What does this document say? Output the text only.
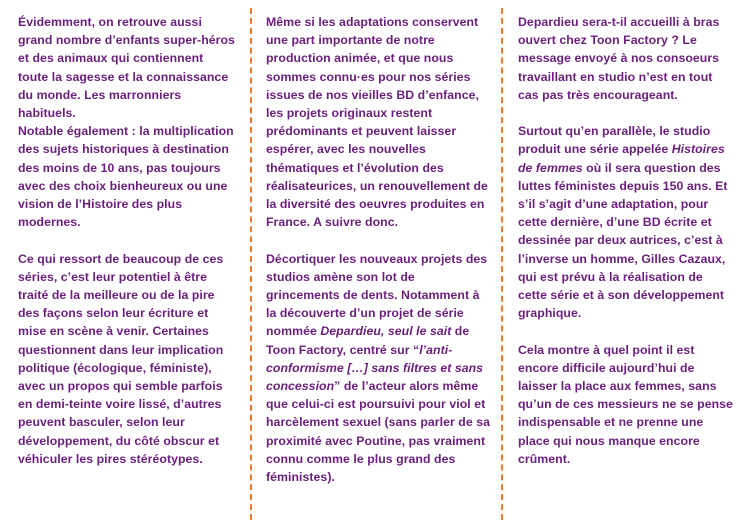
Évidemment, on retrouve aussi grand nombre d’enfants super-héros et des animaux qui contiennent toute la sagesse et la connaissance du monde. Les marronniers habituels.
Notable également : la multiplication des sujets historiques à destination des moins de 10 ans, pas toujours avec des choix bienheureux ou une vision de l’Histoire des plus modernes.

Ce qui ressort de beaucoup de ces séries, c’est leur potentiel à être traité de la meilleure ou de la pire des façons selon leur écriture et mise en scène à venir. Certaines questionnent dans leur implication politique (écologique, féministe), avec un propos qui semble parfois en demi-teinte voire lissé, d’autres peuvent basculer, selon leur développement, du côté obscur et véhiculer les pires stéréotypes.

Même si les adaptations conservent une part importante de notre production animée, et que nous sommes connu·es pour nos séries issues de nos vieilles BD d’enfance, les projets originaux restent prédominants et peuvent laisser espérer, avec les nouvelles thématiques et l’évolution des réalisateurices, un renouvellement de la diversité des oeuvres produites en France. A suivre donc.

Décortiquer les nouveaux projets des studios amène son lot de grincements de dents. Notamment à la découverte d’un projet de série nommée Depardieu, seul le sait de Toon Factory, centré sur “l’anti-conformisme […] sans filtres et sans concession” de l’acteur alors même que celui-ci est poursuivi pour viol et harcèlement sexuel (sans parler de sa proximité avec Poutine, pas vraiment connu comme le plus grand des féministes).

Depardieu sera-t-il accueilli à bras ouvert chez Toon Factory ? Le message envoyé à nos consoeurs travaillant en studio n’est en tout cas pas très encourageant.

Surtout qu’en parallèle, le studio produit une série appelée Histoires de femmes où il sera question des luttes féministes depuis 150 ans. Et s’il s’agit d’une adaptation, pour cette dernière, d’une BD écrite et dessinée par deux autrices, c’est à l’inverse un homme, Gilles Cazaux, qui est prévu à la réalisation de cette série et à son développement graphique.

Cela montre à quel point il est encore difficile aujourd’hui de laisser la place aux femmes, sans qu’un de ces messieurs ne se pense indispensable et ne prenne une place qui nous manque encore crûment.
